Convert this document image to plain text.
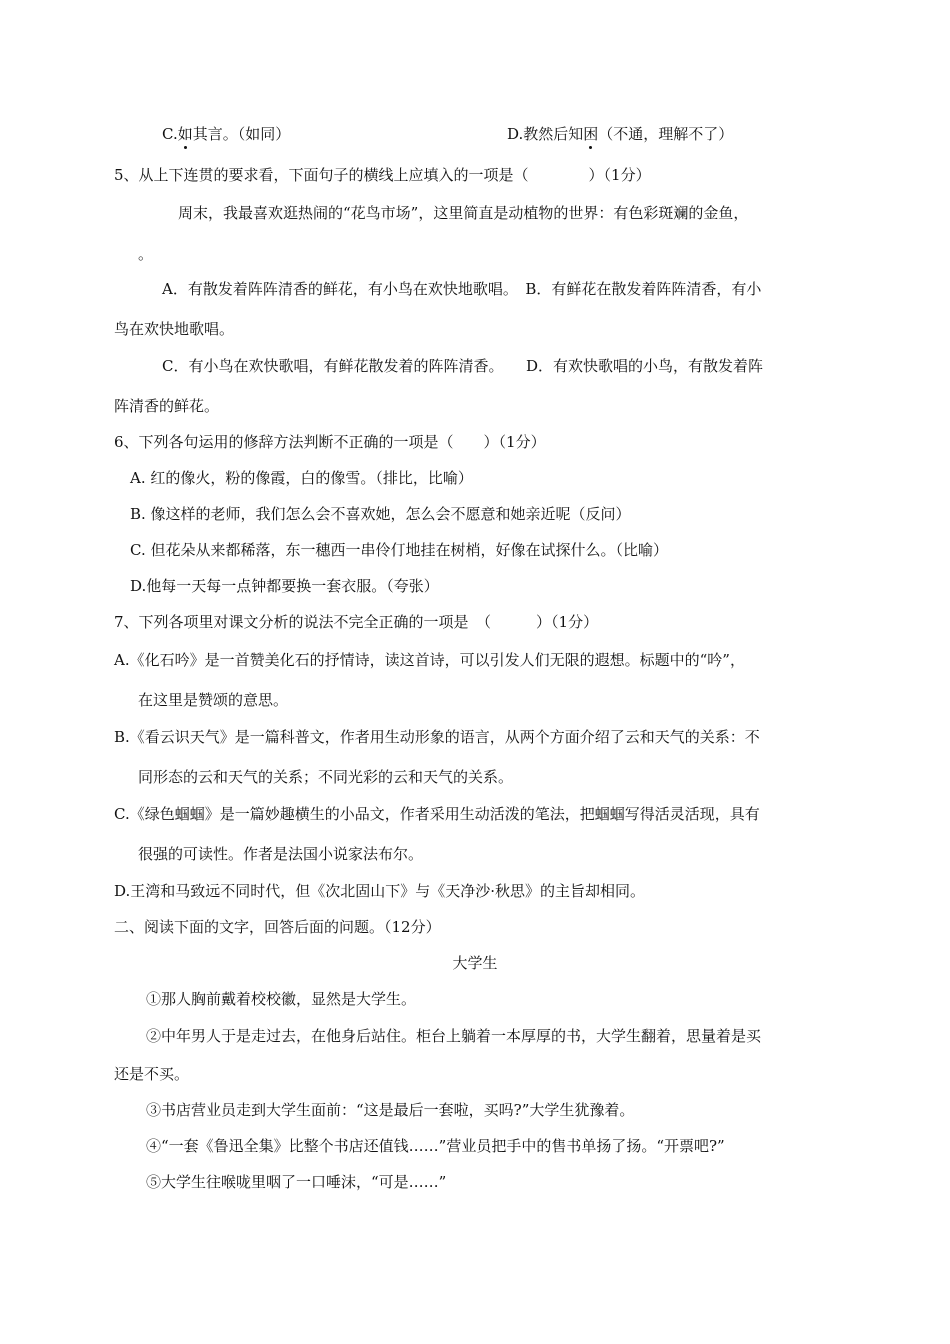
C.如其言。（如同）	D.教然后知困（不通，理解不了）
5、从上下连贯的要求看，下面句子的横线上应填入的一项是（　　　　）（1分）
周末，我最喜欢逛热闹的“花鸟市场”，这里简直是动植物的世界：有色彩斑斓的金鱼，
。
A．有散发着阵阵清香的鲜花，有小鸟在欢快地歌唱。　B．有鲜花在散发着阵阵清香，有小
鸟在欢快地歌唱。
C．有小鸟在欢快歌唱，有鲜花散发着的阵阵清香。　　D．有欢快歌唱的小鸟，有散发着阵
阵清香的鲜花。
6、下列各句运用的修辞方法判断不正确的一项是（　　）（1分）
A. 红的像火，粉的像霞，白的像雪。（排比，比喻）
B. 像这样的老师，我们怎么会不喜欢她，怎么会不愿意和她亲近呢（反问）
C. 但花朵从来都稀落，东一穗西一串伶仃地挂在树梢，好像在试探什么。（比喻）
D.他每一天每一点钟都要换一套衣服。（夸张）
7、下列各项里对课文分析的说法不完全正确的一项是　（　　　）（1分）
A.《化石吟》是一首赞美化石的抒情诗，读这首诗，可以引发人们无限的遐想。标题中的“吟”，
在这里是赞颂的意思。
B.《看云识天气》是一篇科普文，作者用生动形象的语言，从两个方面介绍了云和天气的关系：不
同形态的云和天气的关系；不同光彩的云和天气的关系。
C.《绿色蝈蝈》是一篇妙趣横生的小品文，作者采用生动活泼的笔法，把蝈蝈写得活灵活现，具有
很强的可读性。作者是法国小说家法布尔。
D.王湾和马致远不同时代，但《次北固山下》与《天净沙·秋思》的主旨却相同。
二、阅读下面的文字，回答后面的问题。（12分）
大学生
①那人胸前戴着校校徽，显然是大学生。
②中年男人于是走过去，在他身后站住。柜台上躺着一本厚厚的书，大学生翻着，思量着是买
还是不买。
③书店营业员走到大学生面前：“这是最后一套啦，买吗?”大学生犹豫着。
④“一套《鲁迅全集》比整个书店还值钱……”营业员把手中的售书单扬了扬。“开票吧?”
⑤大学生往喉咙里咽了一口唾沫，“可是……”
